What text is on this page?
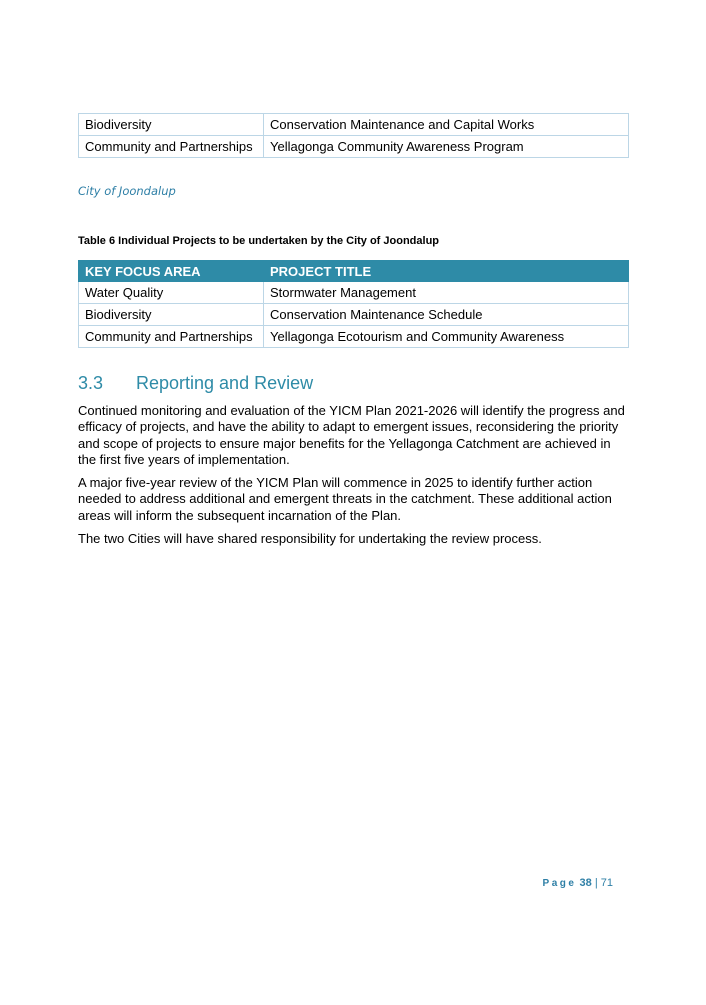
Biodiversity	Conservation Maintenance and Capital Works
Community and Partnerships	Yellagonga Community Awareness Program
City of Joondalup
Table 6 Individual Projects to be undertaken by the City of Joondalup
KEY FOCUS AREA	PROJECT TITLE
Water Quality	Stormwater Management
Biodiversity	Conservation Maintenance Schedule
Community and Partnerships	Yellagonga Ecotourism and Community Awareness
3.3 Reporting and Review

Continued monitoring and evaluation of the YICM Plan 2021-2026 will identify the progress and efficacy of projects, and have the ability to adapt to emergent issues, reconsidering the priority and scope of projects to ensure major benefits for the Yellagonga Catchment are achieved in the first five years of implementation.

A major five-year review of the YICM Plan will commence in 2025 to identify further action needed to address additional and emergent threats in the catchment. These additional action areas will inform the subsequent incarnation of the Plan.

The two Cities will have shared responsibility for undertaking the review process.

Page 38 | 71
